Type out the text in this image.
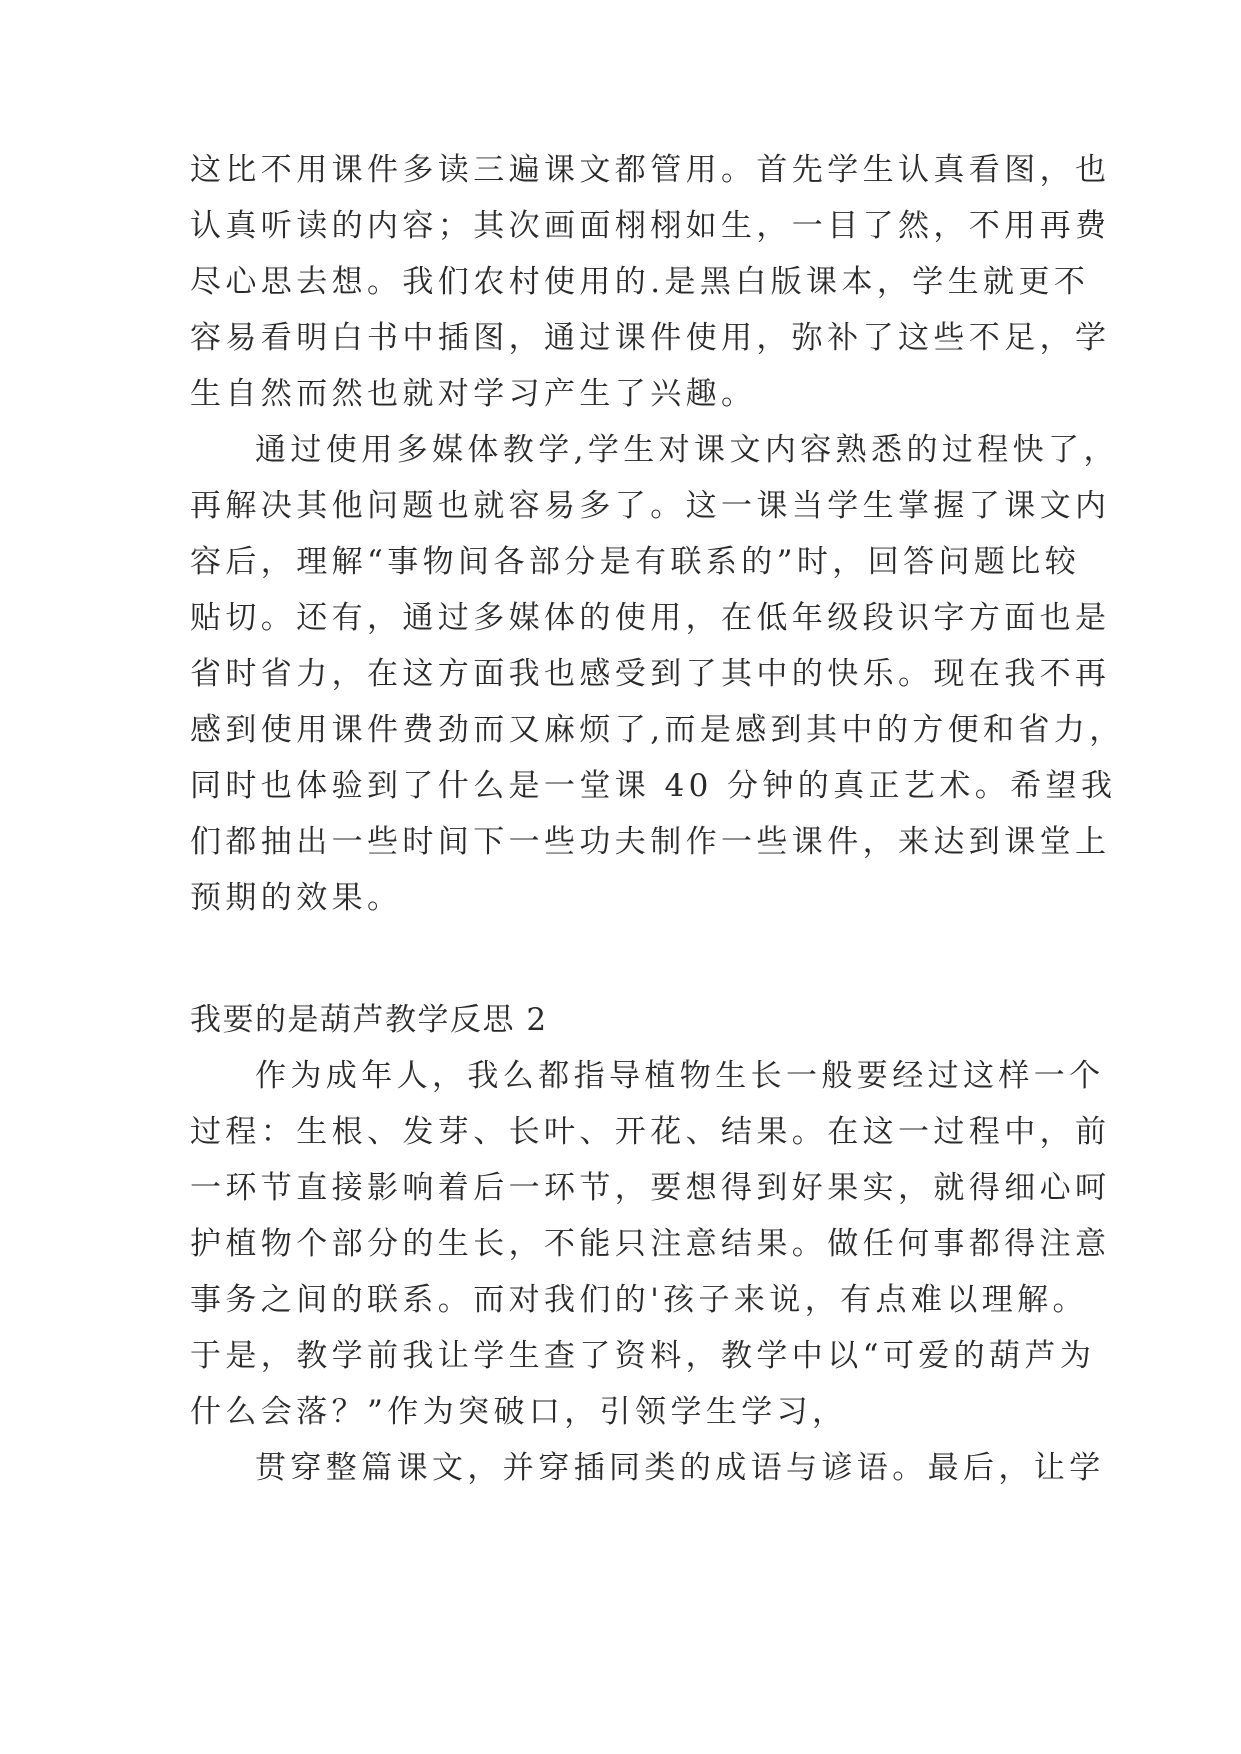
这比不用课件多读三遍课文都管用。首先学生认真看图，也
认真听读的内容；其次画面栩栩如生，一目了然，不用再费
尽心思去想。我们农村使用的.是黑白版课本，学生就更不
容易看明白书中插图，通过课件使用，弥补了这些不足，学
生自然而然也就对学习产生了兴趣。
通过使用多媒体教学,学生对课文内容熟悉的过程快了，
再解决其他问题也就容易多了。这一课当学生掌握了课文内
容后，理解“事物间各部分是有联系的”时，回答问题比较
贴切。还有，通过多媒体的使用，在低年级段识字方面也是
省时省力，在这方面我也感受到了其中的快乐。现在我不再
感到使用课件费劲而又麻烦了,而是感到其中的方便和省力，
同时也体验到了什么是一堂课 40 分钟的真正艺术。希望我
们都抽出一些时间下一些功夫制作一些课件，来达到课堂上
预期的效果。
我要的是葫芦教学反思 2
作为成年人，我么都指导植物生长一般要经过这样一个
过程：生根、发芽、长叶、开花、结果。在这一过程中，前
一环节直接影响着后一环节，要想得到好果实，就得细心呵
护植物个部分的生长，不能只注意结果。做任何事都得注意
事务之间的联系。而对我们的'孩子来说，有点难以理解。
于是，教学前我让学生查了资料，教学中以“可爱的葫芦为
什么会落？”作为突破口，引领学生学习，
贯穿整篇课文，并穿插同类的成语与谚语。最后，让学
